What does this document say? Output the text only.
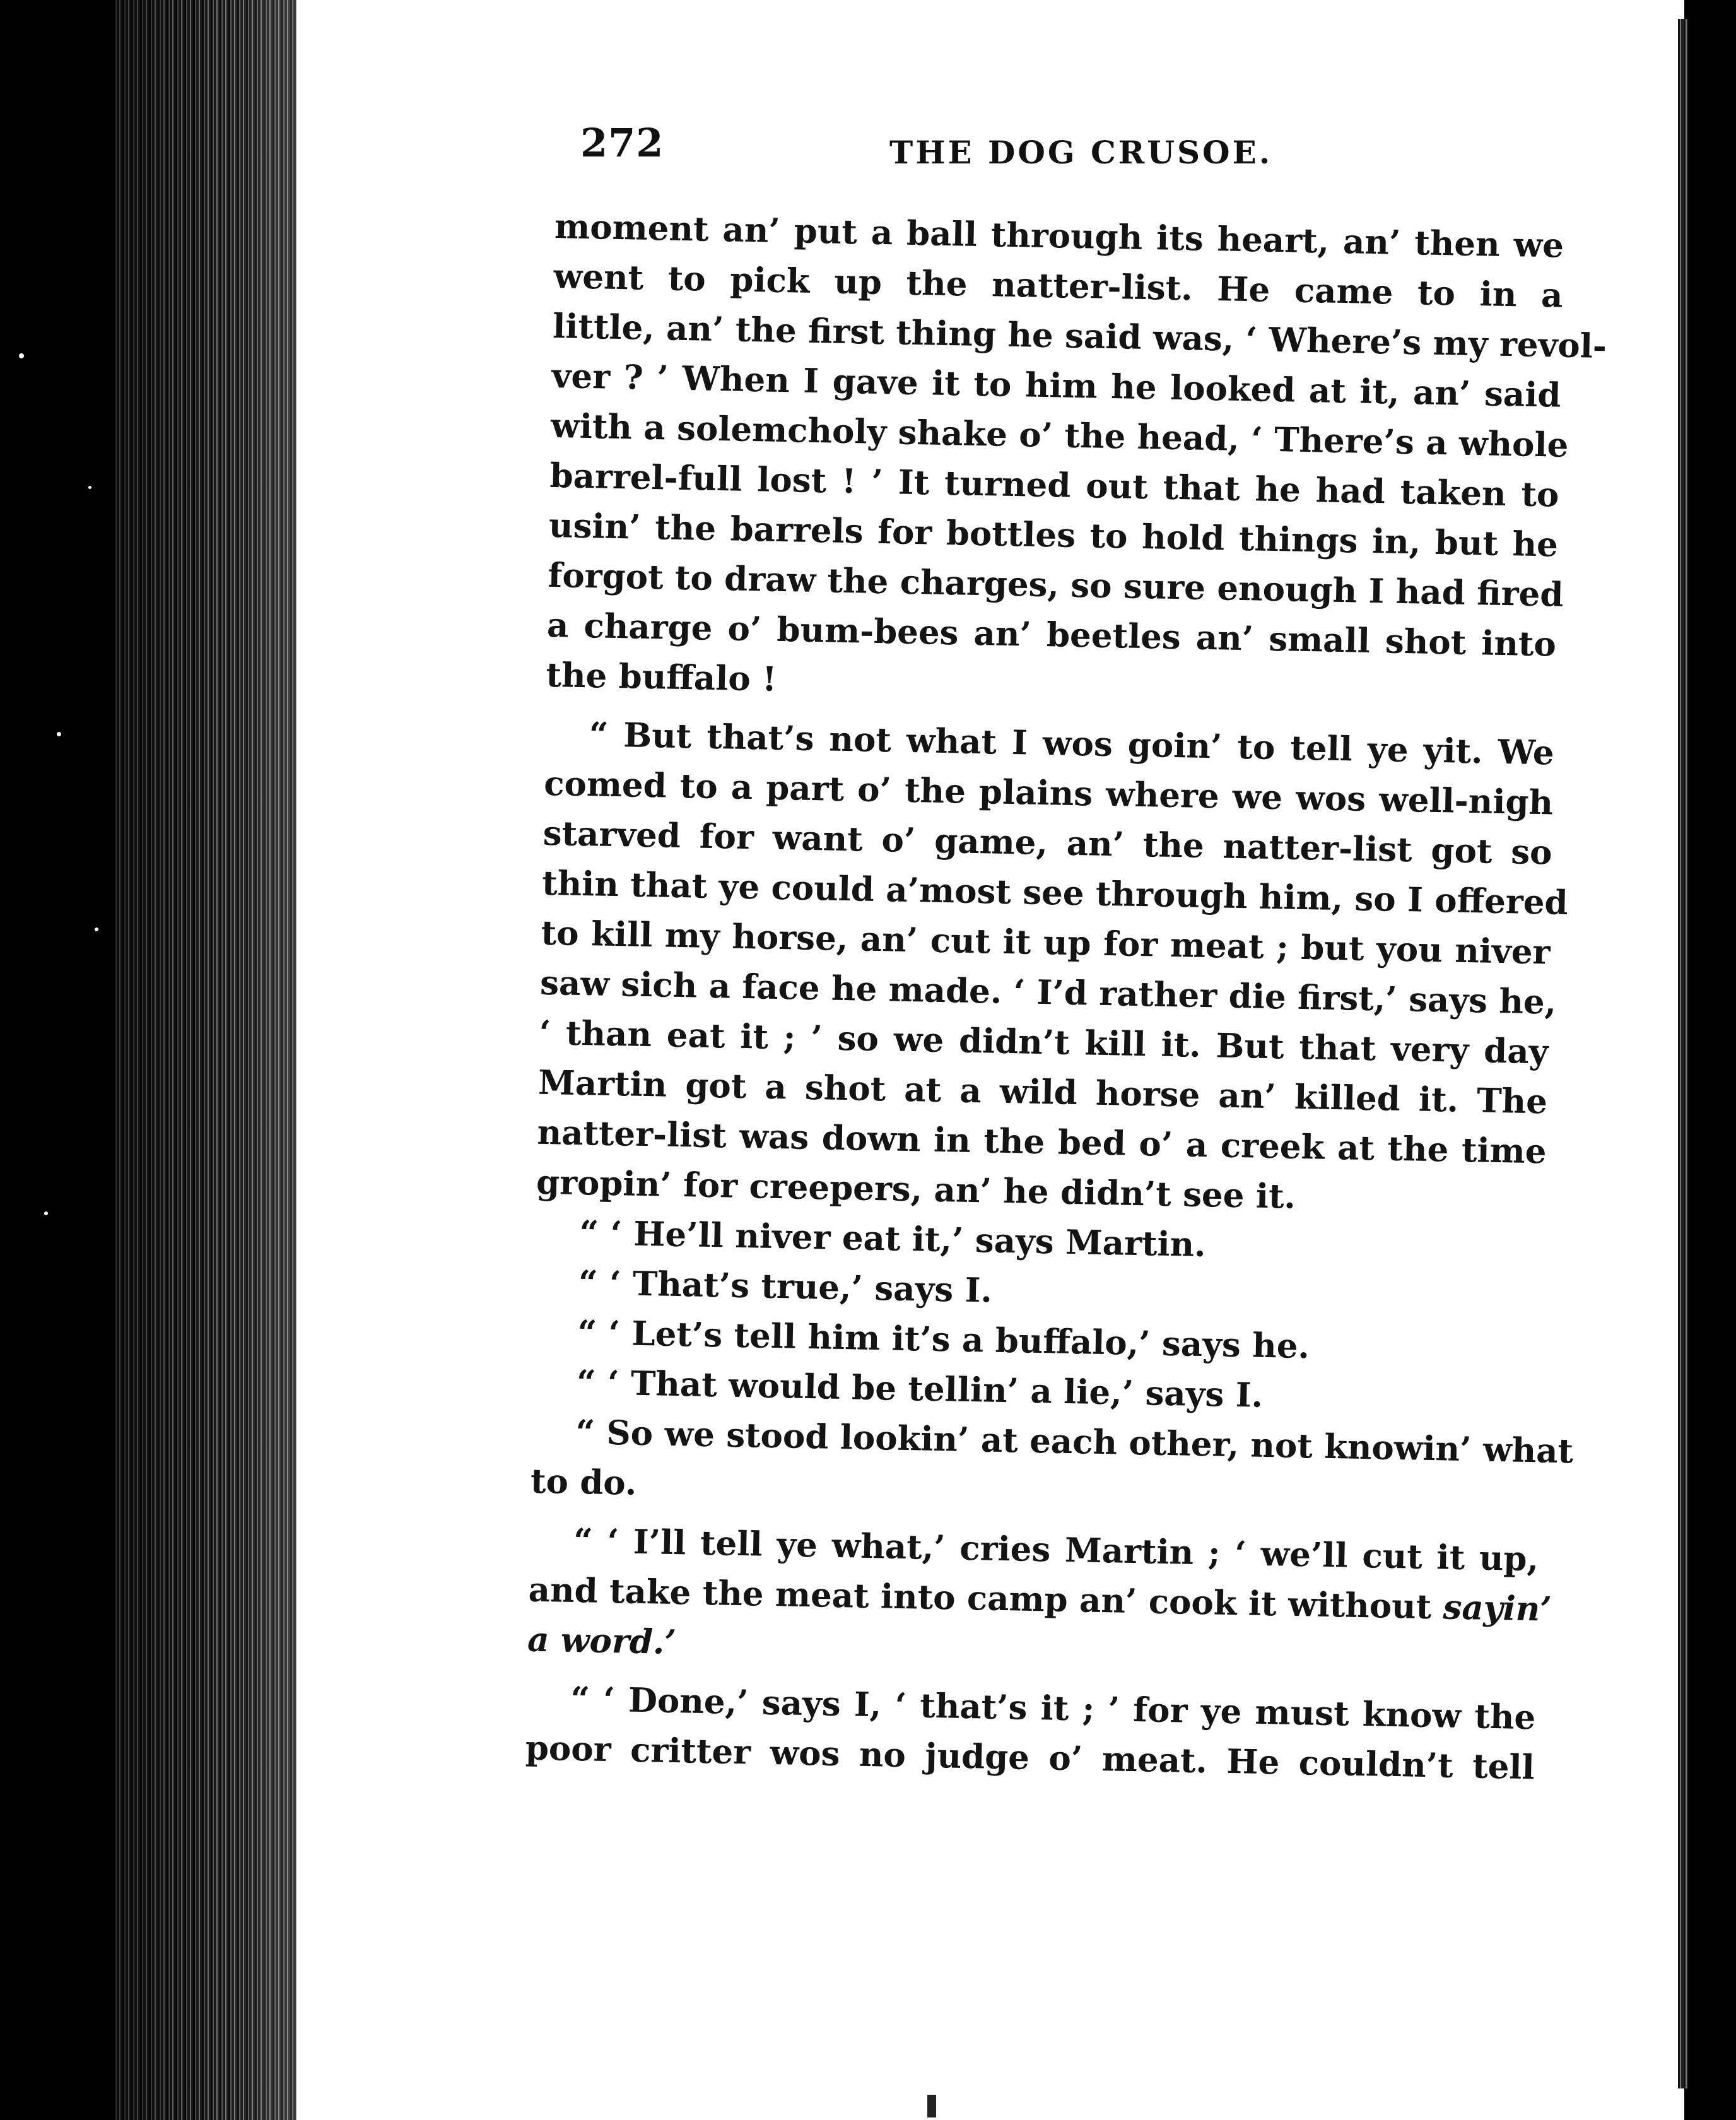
272	THE DOG CRUSOE.
moment an’ put a ball through its heart, an’ then we
went to pick up the natter-list. He came to in a
little, an’ the first thing he said was, ‘ Where’s my revol-
ver ? ’ When I gave it to him he looked at it, an’ said
with a solemcholy shake o’ the head, ‘ There’s a whole
barrel-full lost ! ’ It turned out that he had taken to
usin’ the barrels for bottles to hold things in, but he
forgot to draw the charges, so sure enough I had fired
a charge o’ bum-bees an’ beetles an’ small shot into
the buffalo !
“ But that’s not what I wos goin’ to tell ye yit. We
comed to a part o’ the plains where we wos well-nigh
starved for want o’ game, an’ the natter-list got so
thin that ye could a’most see through him, so I offered
to kill my horse, an’ cut it up for meat ; but you niver
saw sich a face he made. ‘ I’d rather die first,’ says he,
‘ than eat it ; ’ so we didn’t kill it. But that very day
Martin got a shot at a wild horse an’ killed it. The
natter-list was down in the bed o’ a creek at the time
gropin’ for creepers, an’ he didn’t see it.
“ ‘ He’ll niver eat it,’ says Martin.
“ ‘ That’s true,’ says I.
“ ‘ Let’s tell him it’s a buffalo,’ says he.
“ ‘ That would be tellin’ a lie,’ says I.
“ So we stood lookin’ at each other, not knowin’ what
to do.
“ ‘ I’ll tell ye what,’ cries Martin ; ‘ we’ll cut it up,
and take the meat into camp an’ cook it without sayin’
a word.’
“ ‘ Done,’ says I, ‘ that’s it ; ’ for ye must know the
poor critter wos no judge o’ meat. He couldn’t tell
